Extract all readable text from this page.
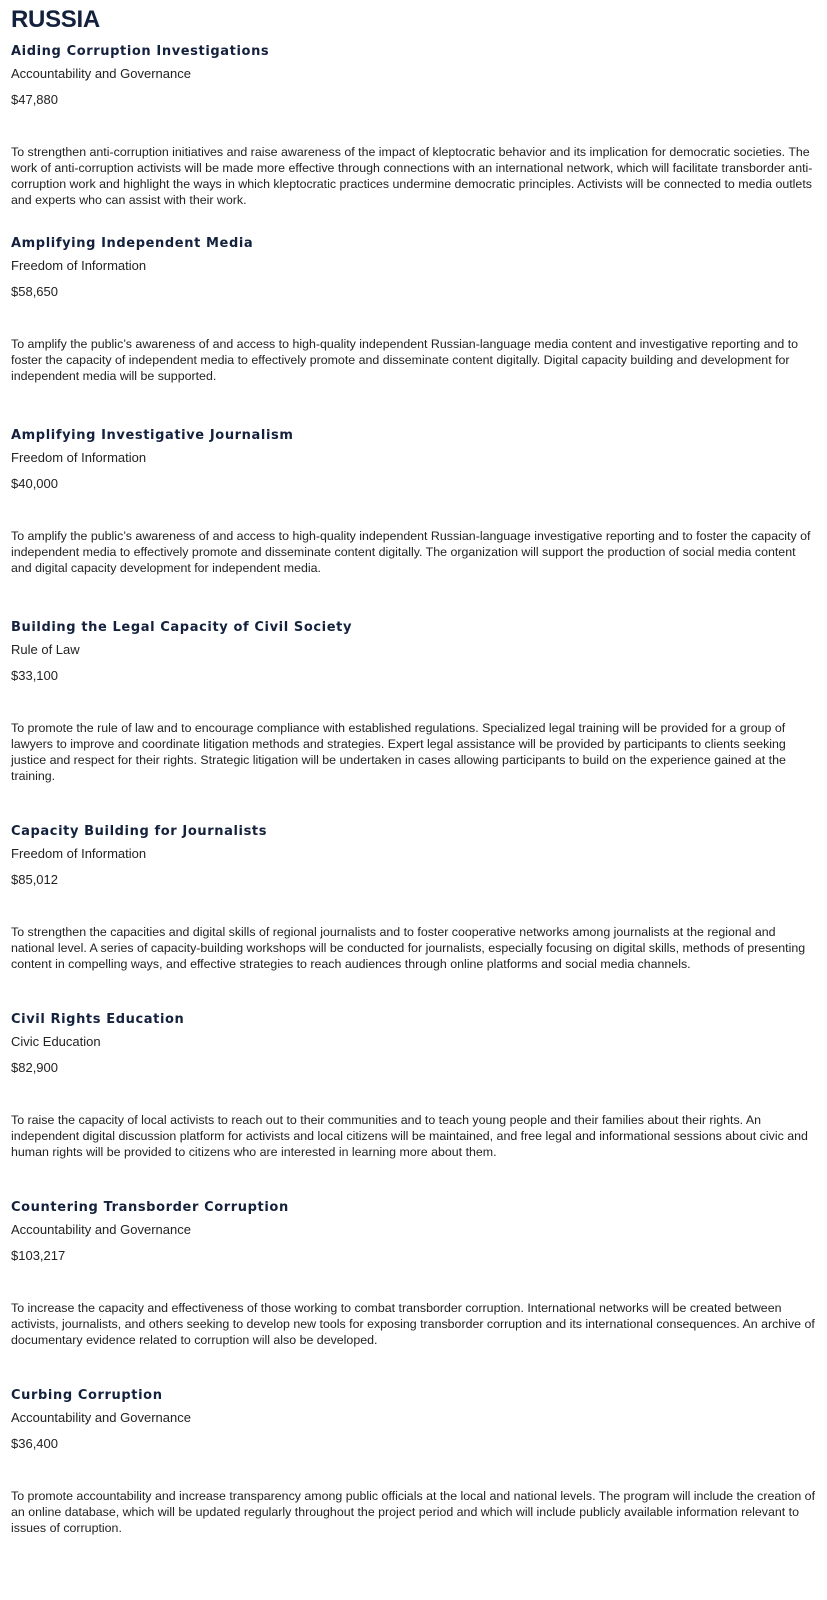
RUSSIA
Aiding Corruption Investigations
Accountability and Governance
$47,880

To strengthen anti-corruption initiatives and raise awareness of the impact of kleptocratic behavior and its implication for democratic societies. The work of anti-corruption activists will be made more effective through connections with an international network, which will facilitate transborder anti-corruption work and highlight the ways in which kleptocratic practices undermine democratic principles. Activists will be connected to media outlets and experts who can assist with their work.

Amplifying Independent Media
Freedom of Information
$58,650

To amplify the public’s awareness of and access to high-quality independent Russian-language media content and investigative reporting and to foster the capacity of independent media to effectively promote and disseminate content digitally. Digital capacity building and development for independent media will be supported.

Amplifying Investigative Journalism
Freedom of Information
$40,000

To amplify the public’s awareness of and access to high-quality independent Russian-language investigative reporting and to foster the capacity of independent media to effectively promote and disseminate content digitally. The organization will support the production of social media content and digital capacity development for independent media.

Building the Legal Capacity of Civil Society
Rule of Law
$33,100

To promote the rule of law and to encourage compliance with established regulations. Specialized legal training will be provided for a group of lawyers to improve and coordinate litigation methods and strategies. Expert legal assistance will be provided by participants to clients seeking justice and respect for their rights. Strategic litigation will be undertaken in cases allowing participants to build on the experience gained at the training.

Capacity Building for Journalists
Freedom of Information
$85,012

To strengthen the capacities and digital skills of regional journalists and to foster cooperative networks among journalists at the regional and national level. A series of capacity-building workshops will be conducted for journalists, especially focusing on digital skills, methods of presenting content in compelling ways, and effective strategies to reach audiences through online platforms and social media channels.

Civil Rights Education
Civic Education
$82,900

To raise the capacity of local activists to reach out to their communities and to teach young people and their families about their rights. An independent digital discussion platform for activists and local citizens will be maintained, and free legal and informational sessions about civic and human rights will be provided to citizens who are interested in learning more about them.

Countering Transborder Corruption
Accountability and Governance
$103,217

To increase the capacity and effectiveness of those working to combat transborder corruption. International networks will be created between activists, journalists, and others seeking to develop new tools for exposing transborder corruption and its international consequences. An archive of documentary evidence related to corruption will also be developed.

Curbing Corruption
Accountability and Governance
$36,400

To promote accountability and increase transparency among public officials at the local and national levels. The program will include the creation of an online database, which will be updated regularly throughout the project period and which will include publicly available information relevant to issues of corruption.
